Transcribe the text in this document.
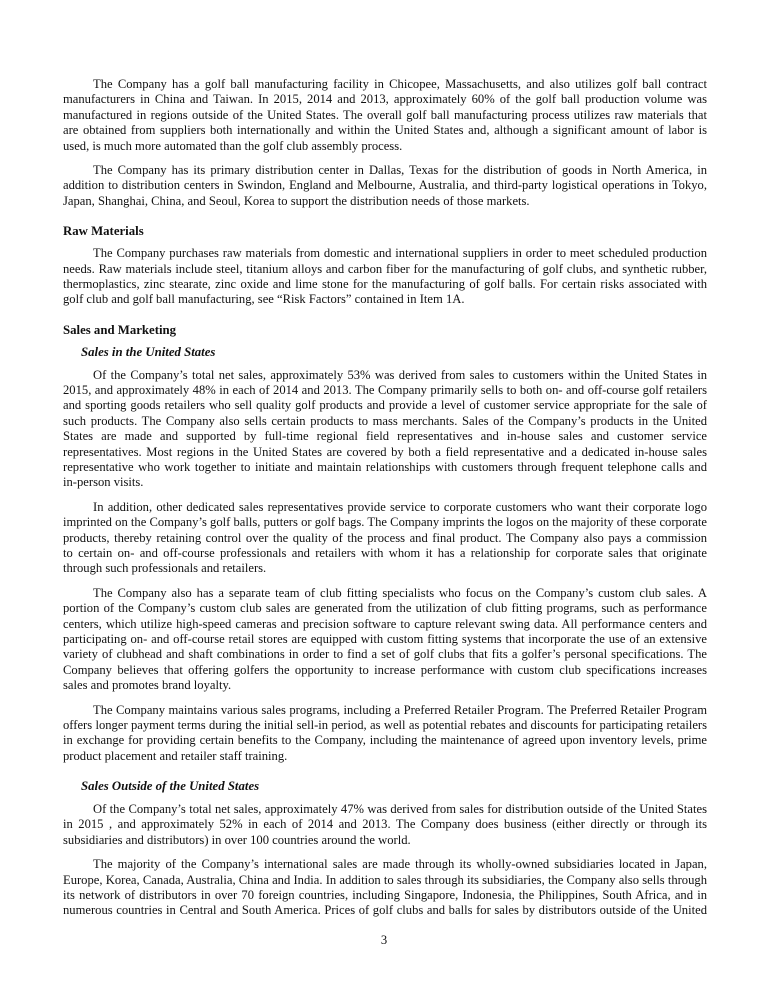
The Company has a golf ball manufacturing facility in Chicopee, Massachusetts, and also utilizes golf ball contract
manufacturers in China and Taiwan. In 2015, 2014 and 2013, approximately 60% of the golf ball production volume was
manufactured in regions outside of the United States. The overall golf ball manufacturing process utilizes raw materials that
are obtained from suppliers both internationally and within the United States and, although a significant amount of labor is
used, is much more automated than the golf club assembly process.
The Company has its primary distribution center in Dallas, Texas for the distribution of goods in North America, in
addition to distribution centers in Swindon, England and Melbourne, Australia, and third-party logistical operations in Tokyo,
Japan, Shanghai, China, and Seoul, Korea to support the distribution needs of those markets.
Raw Materials
The Company purchases raw materials from domestic and international suppliers in order to meet scheduled production
needs. Raw materials include steel, titanium alloys and carbon fiber for the manufacturing of golf clubs, and synthetic rubber,
thermoplastics, zinc stearate, zinc oxide and lime stone for the manufacturing of golf balls. For certain risks associated with
golf club and golf ball manufacturing, see “Risk Factors” contained in Item 1A.
Sales and Marketing
Sales in the United States
Of the Company’s total net sales, approximately 53% was derived from sales to customers within the United States in
2015, and approximately 48% in each of 2014 and 2013. The Company primarily sells to both on- and off-course golf retailers
and sporting goods retailers who sell quality golf products and provide a level of customer service appropriate for the sale of
such products. The Company also sells certain products to mass merchants. Sales of the Company’s products in the United
States are made and supported by full-time regional field representatives and in-house sales and customer service
representatives. Most regions in the United States are covered by both a field representative and a dedicated in-house sales
representative who work together to initiate and maintain relationships with customers through frequent telephone calls and
in-person visits.
In addition, other dedicated sales representatives provide service to corporate customers who want their corporate logo
imprinted on the Company’s golf balls, putters or golf bags. The Company imprints the logos on the majority of these corporate
products, thereby retaining control over the quality of the process and final product. The Company also pays a commission
to certain on- and off-course professionals and retailers with whom it has a relationship for corporate sales that originate
through such professionals and retailers.
The Company also has a separate team of club fitting specialists who focus on the Company’s custom club sales. A
portion of the Company’s custom club sales are generated from the utilization of club fitting programs, such as performance
centers, which utilize high-speed cameras and precision software to capture relevant swing data. All performance centers and
participating on- and off-course retail stores are equipped with custom fitting systems that incorporate the use of an extensive
variety of clubhead and shaft combinations in order to find a set of golf clubs that fits a golfer’s personal specifications. The
Company believes that offering golfers the opportunity to increase performance with custom club specifications increases
sales and promotes brand loyalty.
The Company maintains various sales programs, including a Preferred Retailer Program. The Preferred Retailer Program
offers longer payment terms during the initial sell-in period, as well as potential rebates and discounts for participating retailers
in exchange for providing certain benefits to the Company, including the maintenance of agreed upon inventory levels, prime
product placement and retailer staff training.
Sales Outside of the United States
Of the Company’s total net sales, approximately 47% was derived from sales for distribution outside of the United States
in 2015 , and approximately 52% in each of 2014 and 2013. The Company does business (either directly or through its
subsidiaries and distributors) in over 100 countries around the world.
The majority of the Company’s international sales are made through its wholly-owned subsidiaries located in Japan,
Europe, Korea, Canada, Australia, China and India. In addition to sales through its subsidiaries, the Company also sells through
its network of distributors in over 70 foreign countries, including Singapore, Indonesia, the Philippines, South Africa, and in
numerous countries in Central and South America. Prices of golf clubs and balls for sales by distributors outside of the United
3
